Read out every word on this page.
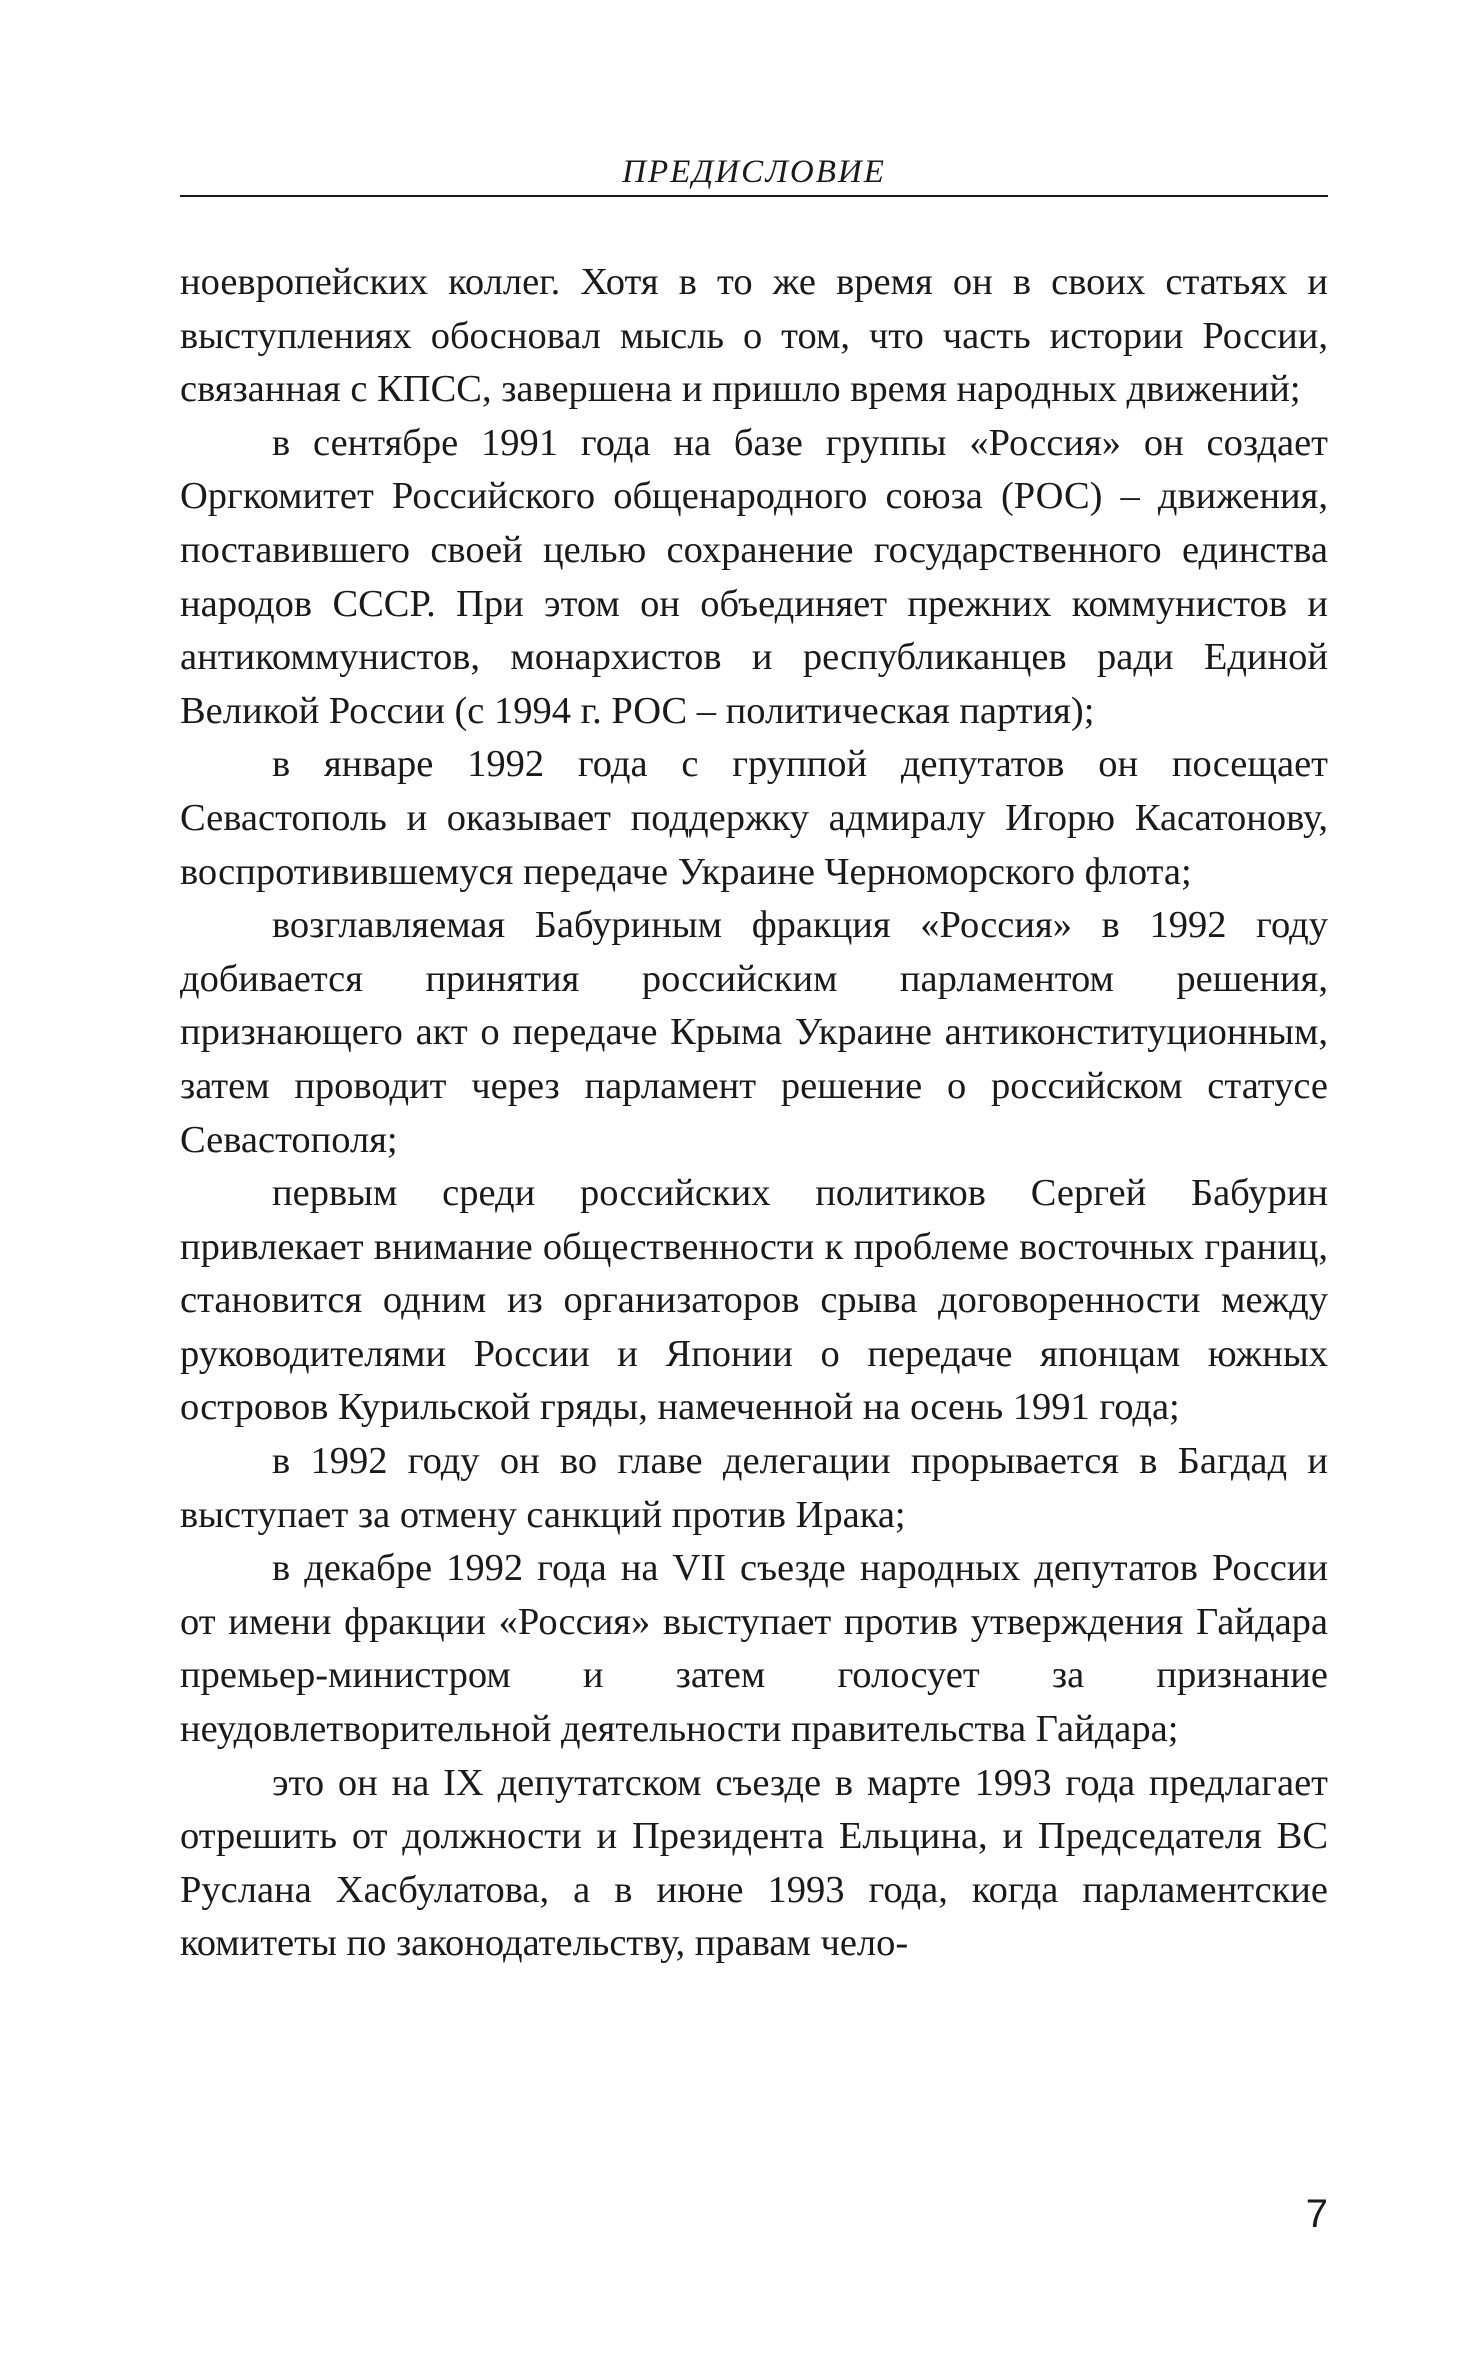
ПРЕДИСЛОВИЕ

ноевропейских коллег. Хотя в то же время он в своих статьях и выступлениях обосновал мысль о том, что часть истории России, связанная с КПСС, завершена и пришло время народных движений;

в сентябре 1991 года на базе группы «Россия» он создает Оргкомитет Российского общенародного союза (РОС) – движения, поставившего своей целью сохранение государственного единства народов СССР. При этом он объединяет прежних коммунистов и антикоммунистов, монархистов и республиканцев ради Единой Великой России (с 1994 г. РОС – политическая партия);

в январе 1992 года с группой депутатов он посещает Севастополь и оказывает поддержку адмиралу Игорю Касатонову, воспротивившемуся передаче Украине Черноморского флота;

возглавляемая Бабуриным фракция «Россия» в 1992 году добивается принятия российским парламентом решения, признающего акт о передаче Крыма Украине антиконституционным, затем проводит через парламент решение о российском статусе Севастополя;

первым среди российских политиков Сергей Бабурин привлекает внимание общественности к проблеме восточных границ, становится одним из организаторов срыва договоренности между руководителями России и Японии о передаче японцам южных островов Курильской гряды, намеченной на осень 1991 года;

в 1992 году он во главе делегации прорывается в Багдад и выступает за отмену санкций против Ирака;

в декабре 1992 года на VII съезде народных депутатов России от имени фракции «Россия» выступает против утверждения Гайдара премьер-министром и затем голосует за признание неудовлетворительной деятельности правительства Гайдара;

это он на IX депутатском съезде в марте 1993 года предлагает отрешить от должности и Президента Ельцина, и Председателя ВС Руслана Хасбулатова, а в июне 1993 года, когда парламентские комитеты по законодательству, правам чело-

7
